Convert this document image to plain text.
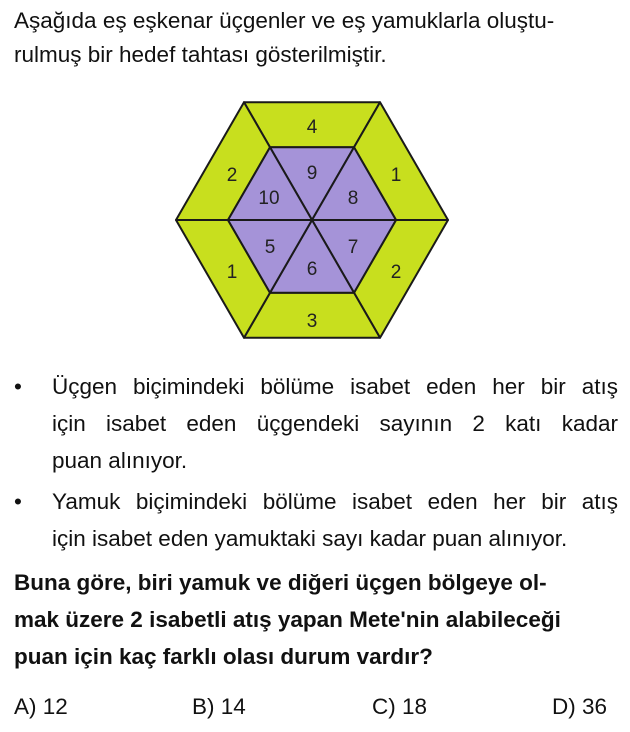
Aşağıda eş eşkenar üçgenler ve eş yamuklarla oluştu-
rulmuş bir hedef tahtası gösterilmiştir.

4
1
2
3
1
2	9
8
7
6
5
10
• Üçgen biçimindeki bölüme isabet eden her bir atış
için isabet eden üçgendeki sayının 2 katı kadar
puan alınıyor.
• Yamuk biçimindeki bölüme isabet eden her bir atış
için isabet eden yamuktaki sayı kadar puan alınıyor.

Buna göre, biri yamuk ve diğeri üçgen bölgeye ol-
mak üzere 2 isabetli atış yapan Mete'nin alabileceği
puan için kaç farklı olası durum vardır?

A) 12	B) 14	C) 18	D) 36
